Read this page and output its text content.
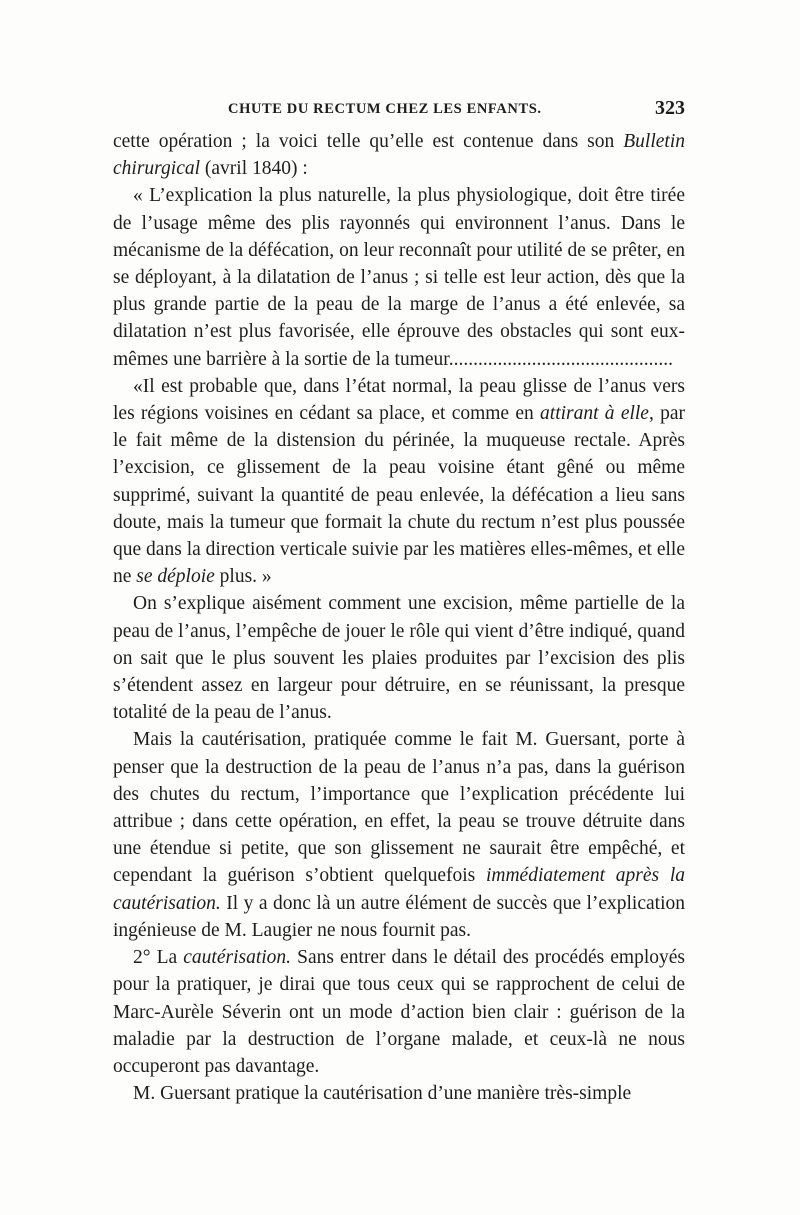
CHUTE DU RECTUM CHEZ LES ENFANTS.	323

cette opération ; la voici telle qu’elle est contenue dans son Bulletin chirurgical (avril 1840) :

« L’explication la plus naturelle, la plus physiologique, doit être tirée de l’usage même des plis rayonnés qui environnent l’anus. Dans le mécanisme de la défécation, on leur reconnaît pour utilité de se prêter, en se déployant, à la dilatation de l’anus ; si telle est leur action, dès que la plus grande partie de la peau de la marge de l’anus a été enlevée, sa dilatation n’est plus favorisée, elle éprouve des obstacles qui sont eux-mêmes une barrière à la sortie de la tumeur..............................................

«Il est probable que, dans l’état normal, la peau glisse de l’anus vers les régions voisines en cédant sa place, et comme en attirant à elle, par le fait même de la distension du périnée, la muqueuse rectale. Après l’excision, ce glissement de la peau voisine étant gêné ou même supprimé, suivant la quantité de peau enlevée, la défécation a lieu sans doute, mais la tumeur que formait la chute du rectum n’est plus poussée que dans la direction verticale suivie par les matières elles-mêmes, et elle ne se déploie plus. »

On s’explique aisément comment une excision, même partielle de la peau de l’anus, l’empêche de jouer le rôle qui vient d’être indiqué, quand on sait que le plus souvent les plaies produites par l’excision des plis s’étendent assez en largeur pour détruire, en se réunissant, la presque totalité de la peau de l’anus.

Mais la cautérisation, pratiquée comme le fait M. Guersant, porte à penser que la destruction de la peau de l’anus n’a pas, dans la guérison des chutes du rectum, l’importance que l’explication précédente lui attribue ; dans cette opération, en effet, la peau se trouve détruite dans une étendue si petite, que son glissement ne saurait être empêché, et cependant la guérison s’obtient quelquefois immédiatement après la cautérisation. Il y a donc là un autre élément de succès que l’explication ingénieuse de M. Laugier ne nous fournit pas.

2° La cautérisation. Sans entrer dans le détail des procédés employés pour la pratiquer, je dirai que tous ceux qui se rapprochent de celui de Marc-Aurèle Séverin ont un mode d’action bien clair : guérison de la maladie par la destruction de l’organe malade, et ceux-là ne nous occuperont pas davantage.

M. Guersant pratique la cautérisation d’une manière très-simple
